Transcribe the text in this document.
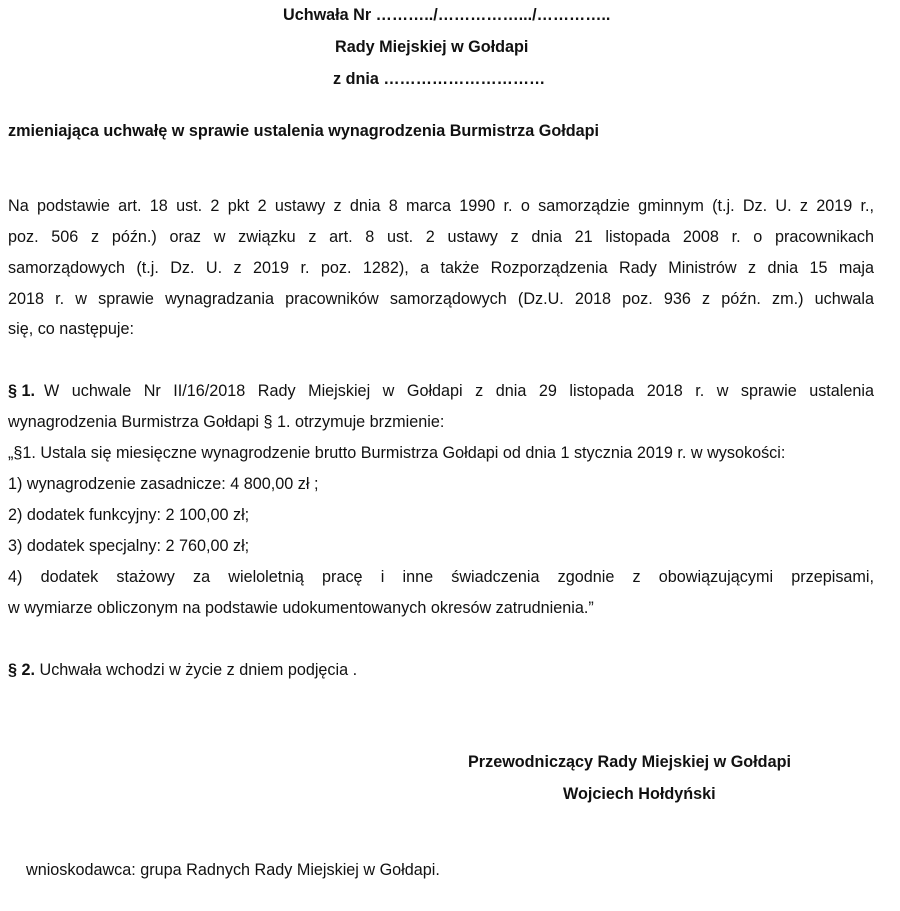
Uchwała Nr ………../…………….../…………..
Rady Miejskiej w Gołdapi
z dnia …………………………
zmieniająca uchwałę w sprawie ustalenia wynagrodzenia Burmistrza Gołdapi
Na podstawie art. 18 ust. 2 pkt 2 ustawy z dnia 8 marca 1990 r. o samorządzie gminnym (t.j. Dz. U. z 2019 r.,
poz. 506 z późn.) oraz w związku z art. 8 ust. 2 ustawy z dnia 21 listopada 2008 r. o pracownikach
samorządowych (t.j. Dz. U. z 2019 r. poz. 1282), a także Rozporządzenia Rady Ministrów z dnia 15 maja
2018 r. w sprawie wynagradzania pracowników samorządowych (Dz.U. 2018 poz. 936 z późn. zm.) uchwala
się, co następuje:
§ 1. W uchwale Nr II/16/2018 Rady Miejskiej w Gołdapi z dnia 29 listopada 2018 r. w sprawie ustalenia
wynagrodzenia Burmistrza Gołdapi § 1. otrzymuje brzmienie:
„§1. Ustala się miesięczne wynagrodzenie brutto Burmistrza Gołdapi od dnia 1 stycznia 2019 r. w wysokości:
1) wynagrodzenie zasadnicze: 4 800,00 zł ;
2) dodatek funkcyjny: 2 100,00 zł;
3) dodatek specjalny: 2 760,00 zł;
4) dodatek stażowy za wieloletnią pracę i inne świadczenia zgodnie z obowiązującymi przepisami,
w wymiarze obliczonym na podstawie udokumentowanych okresów zatrudnienia.”
§ 2. Uchwała wchodzi w życie z dniem podjęcia .
Przewodniczący Rady Miejskiej w Gołdapi
Wojciech Hołdyński
wnioskodawca: grupa Radnych Rady Miejskiej w Gołdapi.
